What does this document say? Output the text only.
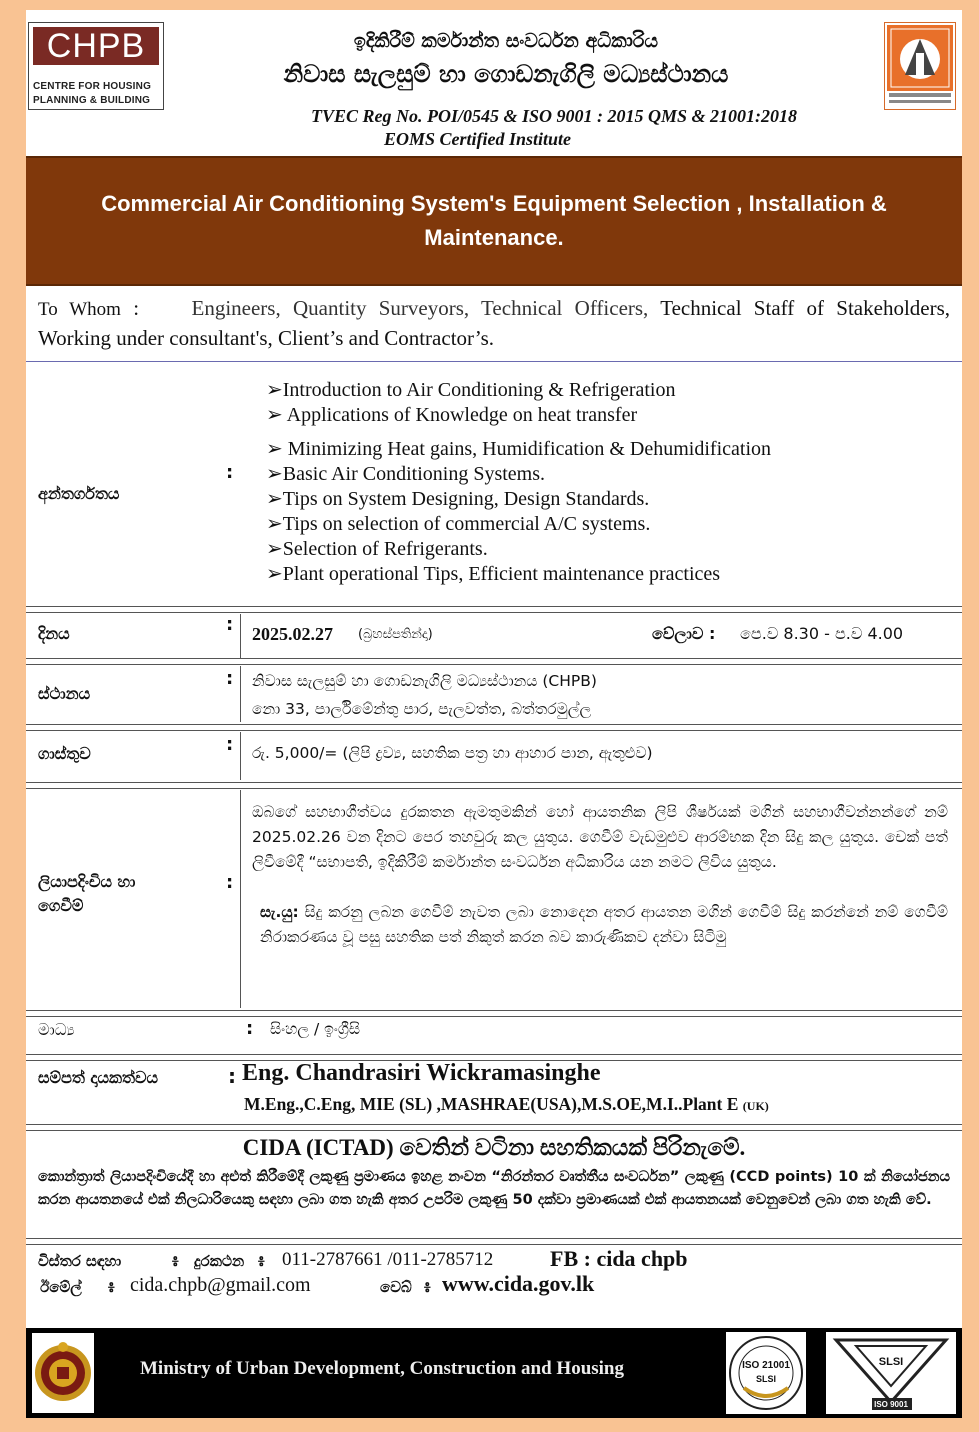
CHPB
CENTRE FOR HOUSING
PLANNING & BUILDING
ඉදිකිරීම් කර්මාන්ත සංවර්ධන අධිකාරිය
නිවාස සැලසුම් හා ගොඩනැගිලි මධ්‍යස්ථානය
TVEC Reg No. POI/0545 & ISO 9001 : 2015 QMS & 21001:2018
EOMS Certified Institute
Commercial Air Conditioning System's Equipment Selection , Installation &
Maintenance.
To Whom : Engineers, Quantity Surveyors, Technical Officers, Technical Staff of Stakeholders, Working under consultant's, Client’s and Contractor’s.
අන්තර්ගතය
:
➢Introduction to Air Conditioning & Refrigeration
➢ Applications of Knowledge on heat transfer
➢ Minimizing Heat gains, Humidification & Dehumidification
➢Basic Air Conditioning Systems.
➢Tips on System Designing, Design Standards.
➢Tips on selection of commercial A/C systems.
➢Selection of Refrigerants.
➢Plant operational Tips, Efficient maintenance practices
දිනය	: 2025.02.27 (බ්‍රහස්පතින්දා)	වේලාව : පෙ.ව 8.30 - ප.ව 4.00
ස්ථානය
: නිවාස සැලසුම් හා ගොඩනැගිලි මධ්‍යස්ථානය (CHPB)
නො 33, පාර්ලිමේන්තු පාර, පැලවත්ත, බත්තරමුල්ල
ගාස්තුව	: රු. 5,000/= (ලිපි ද්‍රව්‍ය, සහතික පත්‍ර හා ආහාර පාන, ඇතුළුව)
ලියාපදිංචිය හා
ගෙවීම්
:
ඔබගේ සහභාගීත්වය දුරකතන ඇමතුමකින් හෝ ආයතනික ලිපි ශීර්ෂයක් මගින් සහභාගීවන්නන්ගේ නම් 2025.02.26 වන දිනට පෙර තහවුරු කල යුතුය. ගෙවීම් වැඩමුළුව ආරම්භක දින සිදු කල යුතුය. චෙක් පත් ලිවීමේදී “සභාපති, ඉදිකිරීම් කර්මාන්ත සංවර්ධන අධිකාරිය යන නමට ලිවිය යුතුය.
සැ.යු: සිදු කරනු ලබන ගෙවීම් නැවත ලබා නොදෙන අතර ආයතන මගින් ගෙවීම් සිදු කරන්නේ නම් ගෙවීම් නිරාකරණය වූ පසු සහතික පත් නිකුත් කරන බව කාරුණිකව දන්වා සිටිමු
මාධ්‍ය	: සිංහල / ඉංග්‍රීසි
සම්පත් දායකත්වය	: Eng. Chandrasiri Wickramasinghe
M.Eng.,C.Eng, MIE (SL) ,MASHRAE(USA),M.S.OE,M.I..Plant E (UK)
CIDA (ICTAD) වෙතින් වටිනා සහතිකයක් පිරිනැමේ.
කොන්ත්‍රාත් ලියාපදිංචියේදී හා අළුත් කිරීමේදී ලකුණු ප්‍රමාණය ඉහළ නංවන “නිරන්තර වෘත්තීය සංවර්ධන” ලකුණු (CCD points) 10 ක් නියෝජනය කරන ආයතනයේ එක් නිලධාරියෙකු සඳහා ලබා ගත හැකි අතර උපරිම ලකුණු 50 දක්වා ප්‍රමාණයක් එක් ආයතනයක් වෙනුවෙන් ලබා ගත හැකි වේ.
විස්තර සඳහා	៖ දුරකථන ៖ 011-2787661 /011-2785712	FB : cida chpb
ඊමේල් ៖ cida.chpb@gmail.com	වෙබ් ៖ www.cida.gov.lk
Ministry of Urban Development, Construction and Housing	ISO 21001
SLSI
SLSI
ISO 9001
